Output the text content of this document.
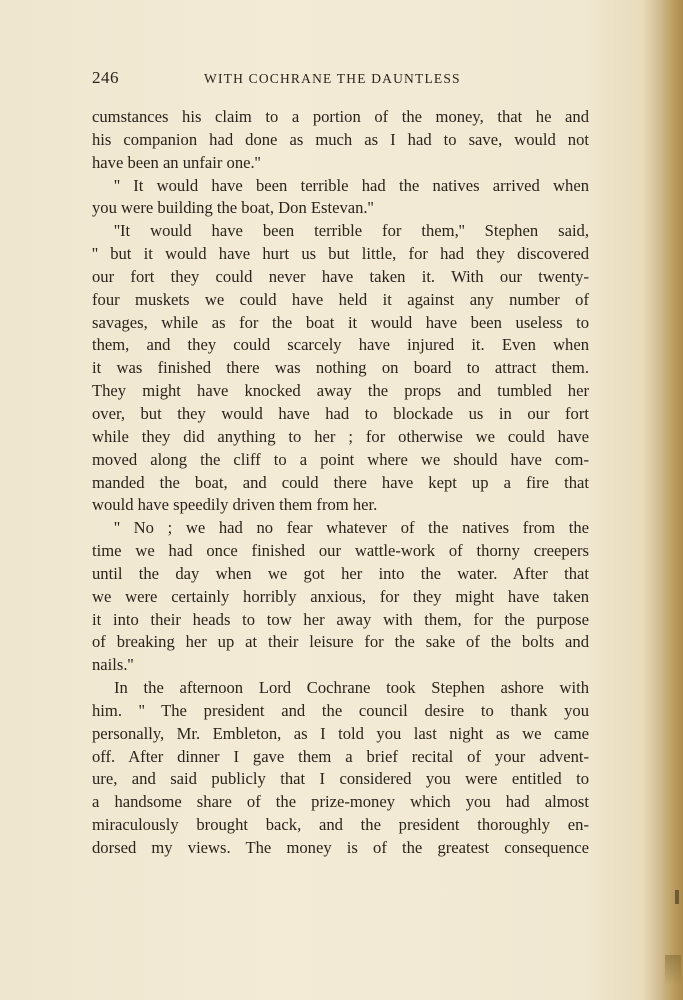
246	WITH COCHRANE THE DAUNTLESS
cumstances his claim to a portion of the money, that he and
his companion had done as much as I had to save, would not
have been an unfair one.''
'' It would have been terrible had the natives arrived when
you were building the boat, Don Estevan.''
''It would have been terrible for them,'' Stephen said,
'' but it would have hurt us but little, for had they discovered
our fort they could never have taken it. With our twenty-
four muskets we could have held it against any number of
savages, while as for the boat it would have been useless to
them, and they could scarcely have injured it. Even when
it was finished there was nothing on board to attract them.
They might have knocked away the props and tumbled her
over, but they would have had to blockade us in our fort
while they did anything to her ; for otherwise we could have
moved along the cliff to a point where we should have com-
manded the boat, and could there have kept up a fire that
would have speedily driven them from her.
'' No ; we had no fear whatever of the natives from the
time we had once finished our wattle-work of thorny creepers
until the day when we got her into the water. After that
we were certainly horribly anxious, for they might have taken
it into their heads to tow her away with them, for the purpose
of breaking her up at their leisure for the sake of the bolts and
nails.''
In the afternoon Lord Cochrane took Stephen ashore with
him. '' The president and the council desire to thank you
personally, Mr. Embleton, as I told you last night as we came
off. After dinner I gave them a brief recital of your advent-
ure, and said publicly that I considered you were entitled to
a handsome share of the prize-money which you had almost
miraculously brought back, and the president thoroughly en-
dorsed my views. The money is of the greatest consequence
